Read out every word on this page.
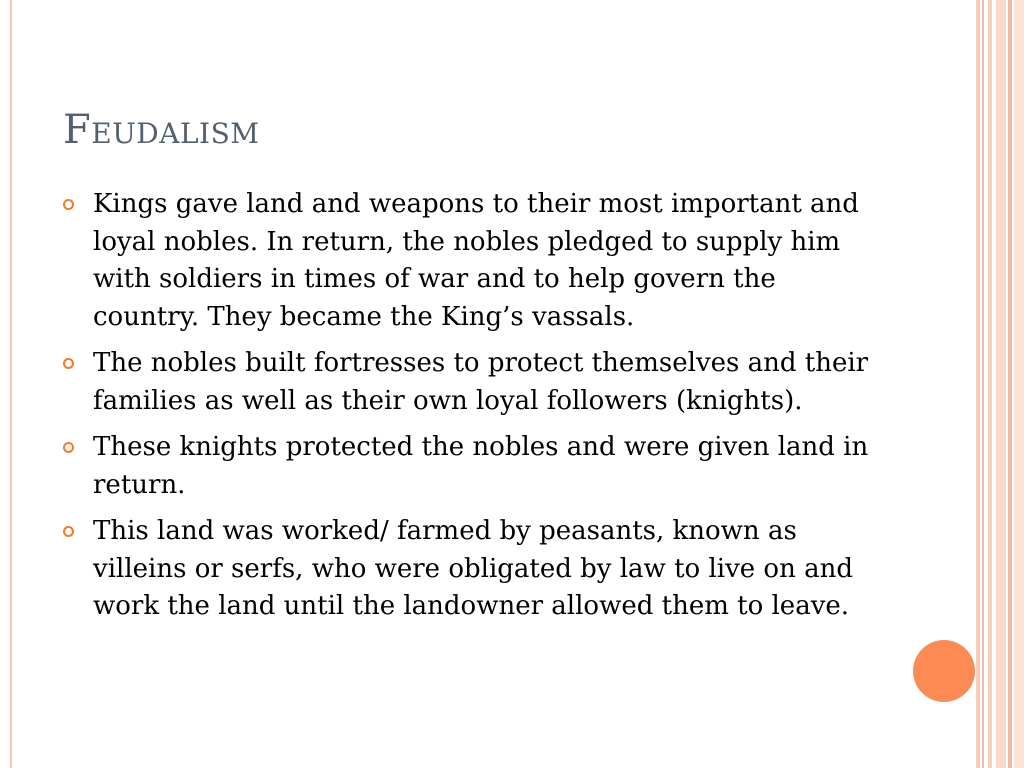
Feudalism
Kings gave land and weapons to their most important and loyal nobles. In return, the nobles pledged to supply him with soldiers in times of war and to help govern the country. They became the King’s vassals.
The nobles built fortresses to protect themselves and their families as well as their own loyal followers (knights).
These knights protected the nobles and were given land in return.
This land was worked/ farmed by peasants, known as villeins or serfs, who were obligated by law to live on and work the land until the landowner allowed them to leave.
